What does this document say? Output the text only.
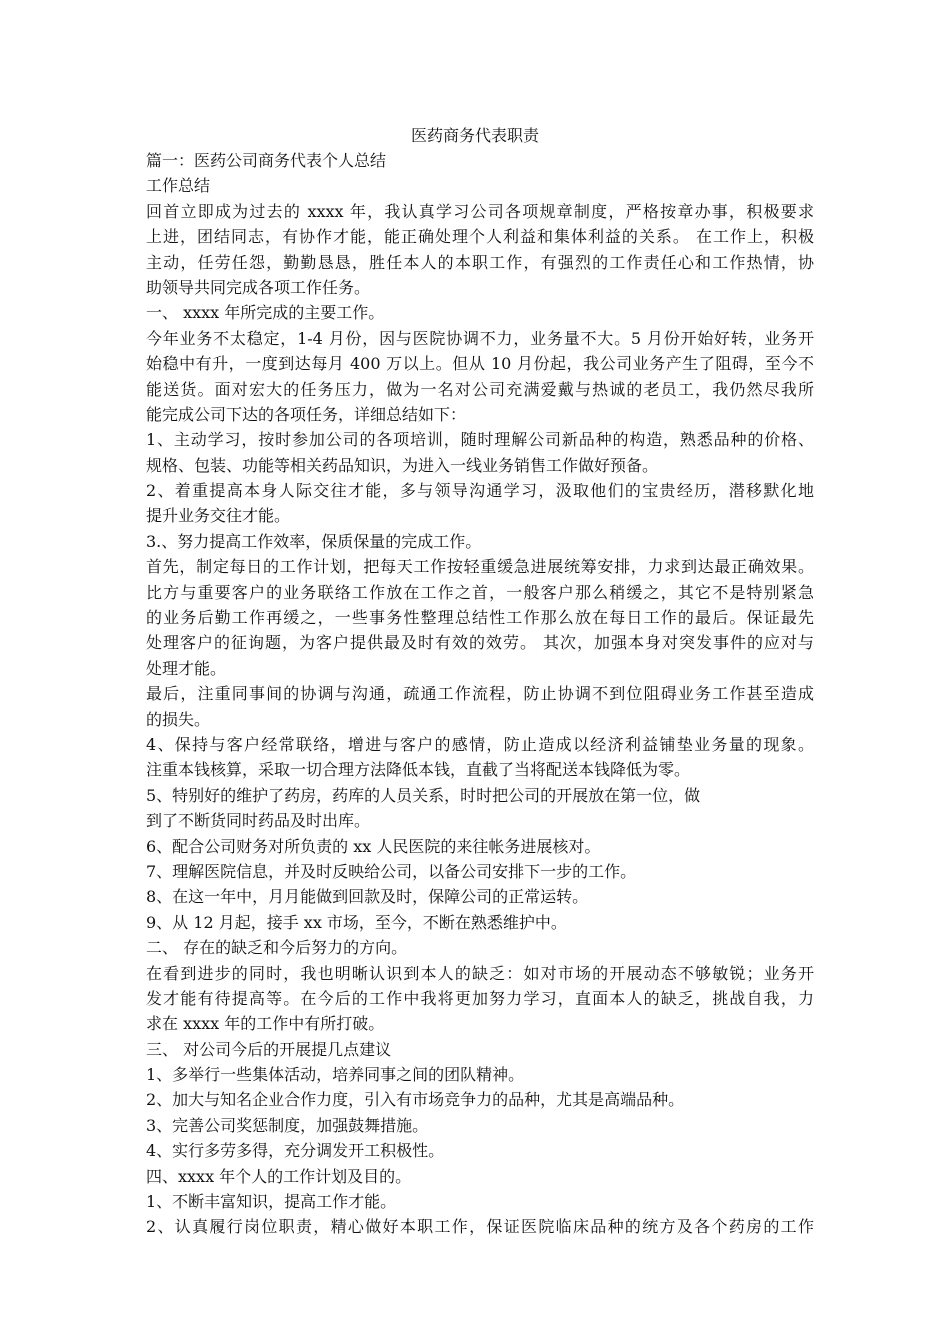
医药商务代表职责
篇一：医药公司商务代表个人总结
工作总结
回首立即成为过去的 xxxx 年，我认真学习公司各项规章制度，严格按章办事，积极要求
上进，团结同志，有协作才能，能正确处理个人利益和集体利益的关系。 在工作上，积极
主动，任劳任怨，勤勤恳恳，胜任本人的本职工作，有强烈的工作责任心和工作热情，协
助领导共同完成各项工作任务。
一、 xxxx 年所完成的主要工作。
今年业务不太稳定，1-4 月份，因与医院协调不力，业务量不大。5 月份开始好转，业务开
始稳中有升，一度到达每月 400 万以上。但从 10 月份起，我公司业务产生了阻碍，至今不
能送货。面对宏大的任务压力，做为一名对公司充满爱戴与热诚的老员工，我仍然尽我所
能完成公司下达的各项任务，详细总结如下：
1、主动学习，按时参加公司的各项培训，随时理解公司新品种的构造，熟悉品种的价格、
规格、包装、功能等相关药品知识，为进入一线业务销售工作做好预备。
2、着重提高本身人际交往才能，多与领导沟通学习，汲取他们的宝贵经历，潜移默化地
提升业务交往才能。
3.、努力提高工作效率，保质保量的完成工作。
首先，制定每日的工作计划，把每天工作按轻重缓急进展统筹安排，力求到达最正确效果。
比方与重要客户的业务联络工作放在工作之首，一般客户那么稍缓之，其它不是特别紧急
的业务后勤工作再缓之，一些事务性整理总结性工作那么放在每日工作的最后。保证最先
处理客户的征询题，为客户提供最及时有效的效劳。 其次，加强本身对突发事件的应对与
处理才能。
最后，注重同事间的协调与沟通，疏通工作流程，防止协调不到位阻碍业务工作甚至造成
的损失。
4、保持与客户经常联络，增进与客户的感情，防止造成以经济利益铺垫业务量的现象。
注重本钱核算，采取一切合理方法降低本钱，直截了当将配送本钱降低为零。
5、特别好的维护了药房，药库的人员关系，时时把公司的开展放在第一位，做
到了不断货同时药品及时出库。
6、配合公司财务对所负责的 xx 人民医院的来往帐务进展核对。
7、理解医院信息，并及时反映给公司，以备公司安排下一步的工作。
8、在这一年中，月月能做到回款及时，保障公司的正常运转。
9、从 12 月起，接手 xx 市场，至今，不断在熟悉维护中。
二、 存在的缺乏和今后努力的方向。
在看到进步的同时，我也明晰认识到本人的缺乏：如对市场的开展动态不够敏锐；业务开
发才能有待提高等。在今后的工作中我将更加努力学习，直面本人的缺乏，挑战自我，力
求在 xxxx 年的工作中有所打破。
三、 对公司今后的开展提几点建议
1、多举行一些集体活动，培养同事之间的团队精神。
2、加大与知名企业合作力度，引入有市场竞争力的品种，尤其是高端品种。
3、完善公司奖惩制度，加强鼓舞措施。
4、实行多劳多得，充分调发开工积极性。
四、xxxx 年个人的工作计划及目的。
1、不断丰富知识，提高工作才能。
2、认真履行岗位职责，精心做好本职工作，保证医院临床品种的统方及各个药房的工作
